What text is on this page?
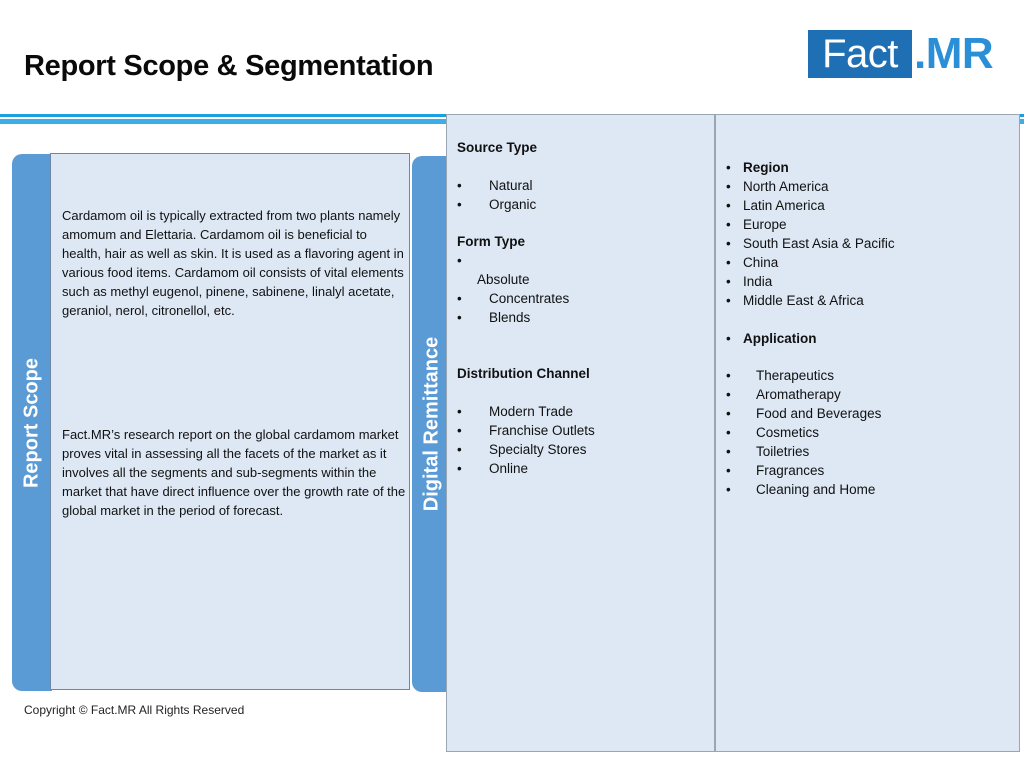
Report Scope & Segmentation	Fact .MR
Report Scope
Cardamom oil is typically extracted from two plants namely amomum and Elettaria. Cardamom oil is beneficial to health, hair as well as skin. It is used as a flavoring agent in various food items. Cardamom oil consists of vital elements such as methyl eugenol, pinene, sabinene, linalyl acetate, geraniol, nerol, citronellol, etc.
Fact.MR’s research report on the global cardamom market proves vital in assessing all the facets of the market as it involves all the segments and sub-segments within the market that have direct influence over the growth rate of the global market in the period of forecast.	Digital Remittance
Source Type
• Natural
• Organic
Form Type
•
Absolute
• Concentrates
• Blends
Distribution Channel
• Modern Trade
• Franchise Outlets
• Specialty Stores
• Online
• Region
• North America
• Latin America
• Europe
• South East Asia & Pacific
• China
• India
• Middle East & Africa
• Application
• Therapeutics
• Aromatherapy
• Food and Beverages
• Cosmetics
• Toiletries
• Fragrances
• Cleaning and Home
Copyright © Fact.MR All Rights Reserved
